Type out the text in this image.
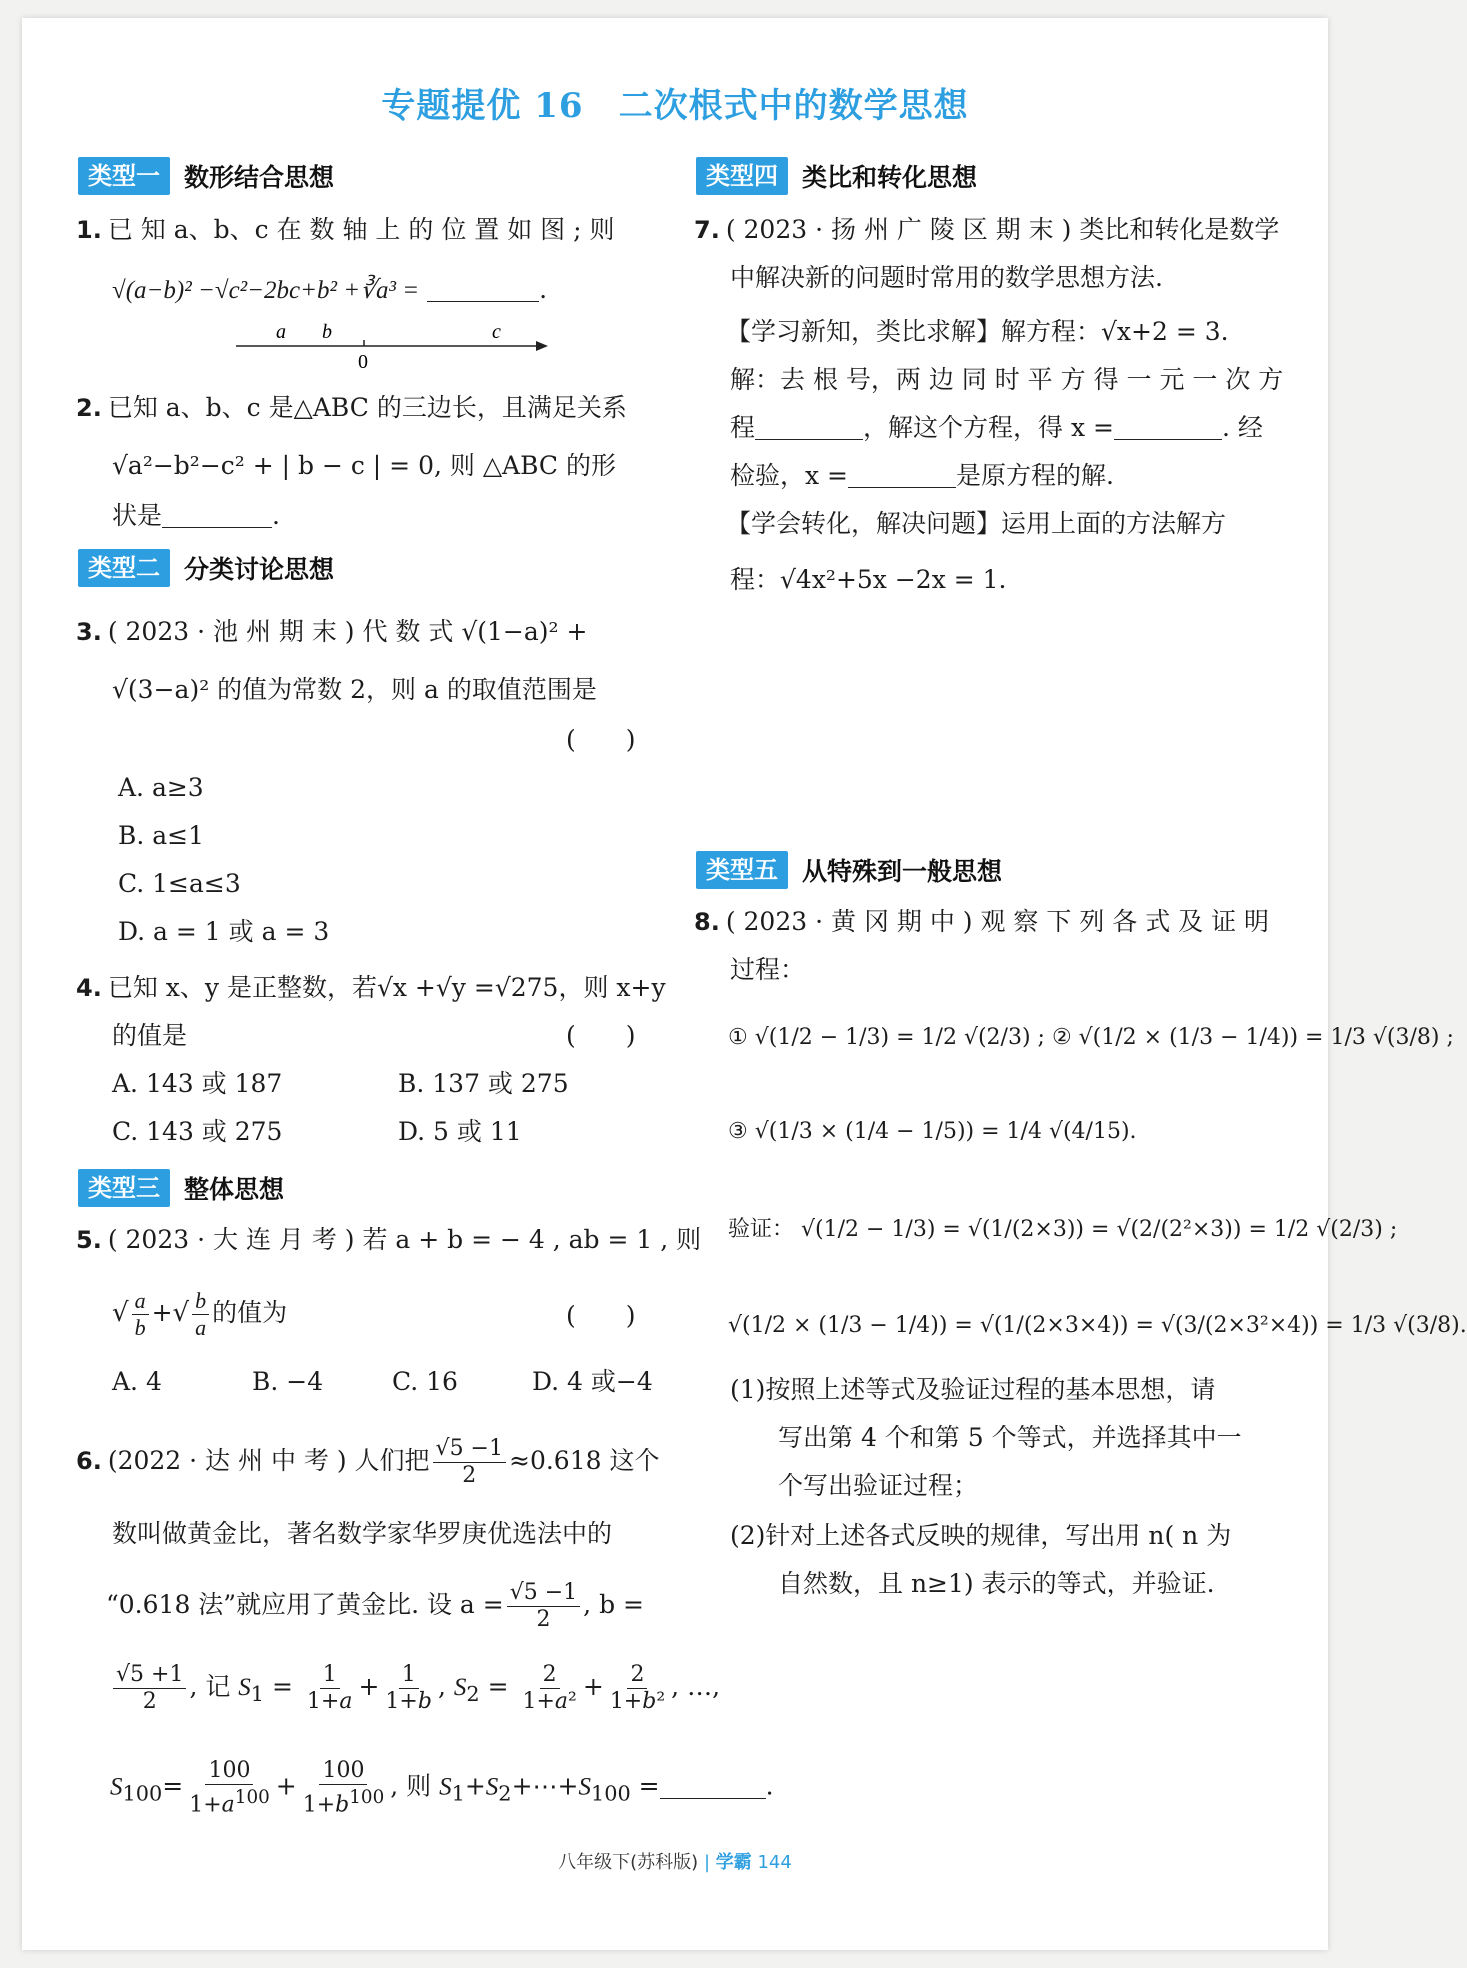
专题提优 16　二次根式中的数学思想
类型一 数形结合思想
1. 已 知 a、b、c 在 数 轴 上 的 位 置 如 图 ; 则
√(a−b)² −√c²−2bc+b² +∛a³ =	.
a b	c
0
2. 已知 a、b、c 是△ABC 的三边长，且满足关系
√a²−b²−c² + | b − c | = 0, 则 △ABC 的形
状是	.
类型二 分类讨论思想
3. ( 2023 · 池 州 期 末 ) 代 数 式 √(1−a)² +
√(3−a)² 的值为常数 2，则 a 的取值范围是
(　　)
A. a≥3
B. a≤1
C. 1≤a≤3
D. a = 1 或 a = 3
4. 已知 x、y 是正整数，若√x +√y =√275，则 x+y
的值是	(　　)
A. 143 或 187	B. 137 或 275
C. 143 或 275	D. 5 或 11
类型三 整体思想
5. ( 2023 · 大 连 月 考 ) 若 a + b = − 4 , ab = 1 , 则
√ $\frac{a}{b}$ +√ $\frac{b}{a}$ 的值为	(　　)
A. 4	B. −4	C. 16	D. 4 或−4
6. (2022 · 达 州 中 考 ) 人们把 $\frac{√5 -1}{2} \approx 0.618$ 这个
数叫做黄金比，著名数学家华罗庚优选法中的
“0.618 法”就应用了黄金比. 设 $a = \frac{√5 -1}{2}$ , b =
$\frac{√5 +1}{2}$ , 记 $S_1 = \frac{1}{1+a} + \frac{1}{1+b}$ , $S_2 = \frac{2}{\text{1+a²}} + \frac{2}{\text{1+b²}}$ , …,
$S_{100}= \frac{100}{1+a^{100}} + \frac{100}{1+b^{100}}$ , 则 $S_1+S_2+\cdots+S_{100}$ =	.
类型四 类比和转化思想
7. ( 2023 · 扬 州 广 陵 区 期 末 ) 类比和转化是数学
中解决新的问题时常用的数学思想方法.
【学习新知，类比求解】解方程：√x+2 = 3.
解：去 根 号，两 边 同 时 平 方 得 一 元 一 次 方
程	，解这个方程，得 x =	. 经
检验，x =	是原方程的解.
【学会转化，解决问题】运用上面的方法解方
程：√4x²+5x −2x = 1.
类型五 从特殊到一般思想
8. ( 2023 · 黄 冈 期 中 ) 观 察 下 列 各 式 及 证 明
过程：
① √(1/2 − 1/3) = 1/2 √(2/3) ; ② √(1/2 × (1/3 − 1/4)) = 1/3 √(3/8) ;
③ √(1/3 × (1/4 − 1/5)) = 1/4 √(4/15).
验证： √(1/2 − 1/3) = √(1/(2×3)) = √(2/(2²×3)) = 1/2 √(2/3) ;
√(1/2 × (1/3 − 1/4)) = √(1/(2×3×4)) = √(3/(2×3²×4)) = 1/3 √(3/8).
(1)按照上述等式及验证过程的基本思想，请
写出第 4 个和第 5 个等式，并选择其中一
个写出验证过程；
(2)针对上述各式反映的规律，写出用 n( n 为
自然数，且 n≥1) 表示的等式，并验证.
八年级下(苏科版) | 学霸 144
